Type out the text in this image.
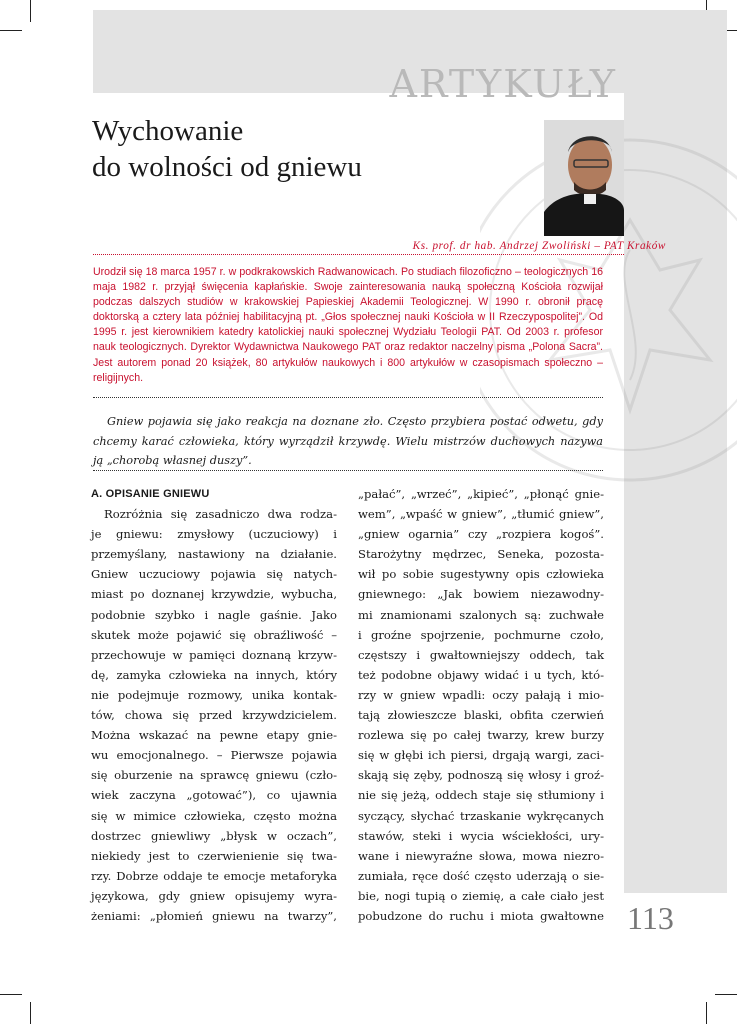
ARTYKUŁY
Wychowanie
do wolności od gniewu
Ks. prof. dr hab. Andrzej Zwoliński – PAT Kraków
Urodził się 18 marca 1957 r. w podkrakowskich Radwanowicach. Po studiach filozoficzno – teologicznych 16 maja 1982 r. przyjął święcenia kapłańskie. Swoje zainteresowania nauką społeczną Kościoła rozwijał podczas dalszych studiów w krakowskiej Papieskiej Akademii Teologicznej. W 1990 r. obronił pracę doktorską a cztery lata później habilitacyjną pt. „Głos społecznej nauki Kościoła w II Rzeczypospolitej”. Od 1995 r. jest kierownikiem katedry katolickiej nauki społecznej Wydziału Teologii PAT. Od 2003 r. profesor nauk teologicznych. Dyrektor Wydawnictwa Naukowego PAT oraz redaktor naczelny pisma „Polona Sacra”. Jest autorem ponad 20 książek, 80 artykułów naukowych i 800 artykułów w czasopismach społeczno – religijnych.
Gniew pojawia się jako reakcja na doznane zło. Często przybiera postać odwetu, gdy chcemy karać człowieka, który wyrządził krzywdę. Wielu mistrzów duchowych nazywa ją „chorobą własnej duszy”.
A. OPISANIE GNIEWU
Rozróżnia się zasadniczo dwa rodza-
je gniewu: zmysłowy (uczuciowy) i
przemyślany, nastawiony na działanie.
Gniew uczuciowy pojawia się natych-
miast po doznanej krzywdzie, wybucha,
podobnie szybko i nagle gaśnie. Jako
skutek może pojawić się obraźliwość –
przechowuje w pamięci doznaną krzyw-
dę, zamyka człowieka na innych, który
nie podejmuje rozmowy, unika kontak-
tów, chowa się przed krzywdzicielem.
Można wskazać na pewne etapy gnie-
wu emocjonalnego. – Pierwsze pojawia
się oburzenie na sprawcę gniewu (czło-
wiek zaczyna „gotować”), co ujawnia
się w mimice człowieka, często można
dostrzec gniewliwy „błysk w oczach”,
niekiedy jest to czerwienienie się twa-
rzy. Dobrze oddaje te emocje metaforyka
językowa, gdy gniew opisujemy wyra-
żeniami: „płomień gniewu na twarzy”,
„pałać”, „wrzeć”, „kipieć”, „płonąć gnie-
wem”, „wpaść w gniew”, „tłumić gniew”,
„gniew ogarnia” czy „rozpiera kogoś”.
Starożytny mędrzec, Seneka, pozosta-
wił po sobie sugestywny opis człowieka
gniewnego: „Jak bowiem niezawodny-
mi znamionami szalonych są: zuchwałe
i groźne spojrzenie, pochmurne czoło,
częstszy i gwałtowniejszy oddech, tak
też podobne objawy widać i u tych, któ-
rzy w gniew wpadli: oczy pałają i mio-
tają złowieszcze blaski, obfita czerwień
rozlewa się po całej twarzy, krew burzy
się w głębi ich piersi, drgają wargi, zaci-
skają się zęby, podnoszą się włosy i groź-
nie się jeżą, oddech staje się stłumiony i
syczący, słychać trzaskanie wykręcanych
stawów, steki i wycia wściekłości, ury-
wane i niewyraźne słowa, mowa niezro-
zumiała, ręce dość często uderzają o sie-
bie, nogi tupią o ziemię, a całe ciało jest
pobudzone do ruchu i miota gwałtowne 113
